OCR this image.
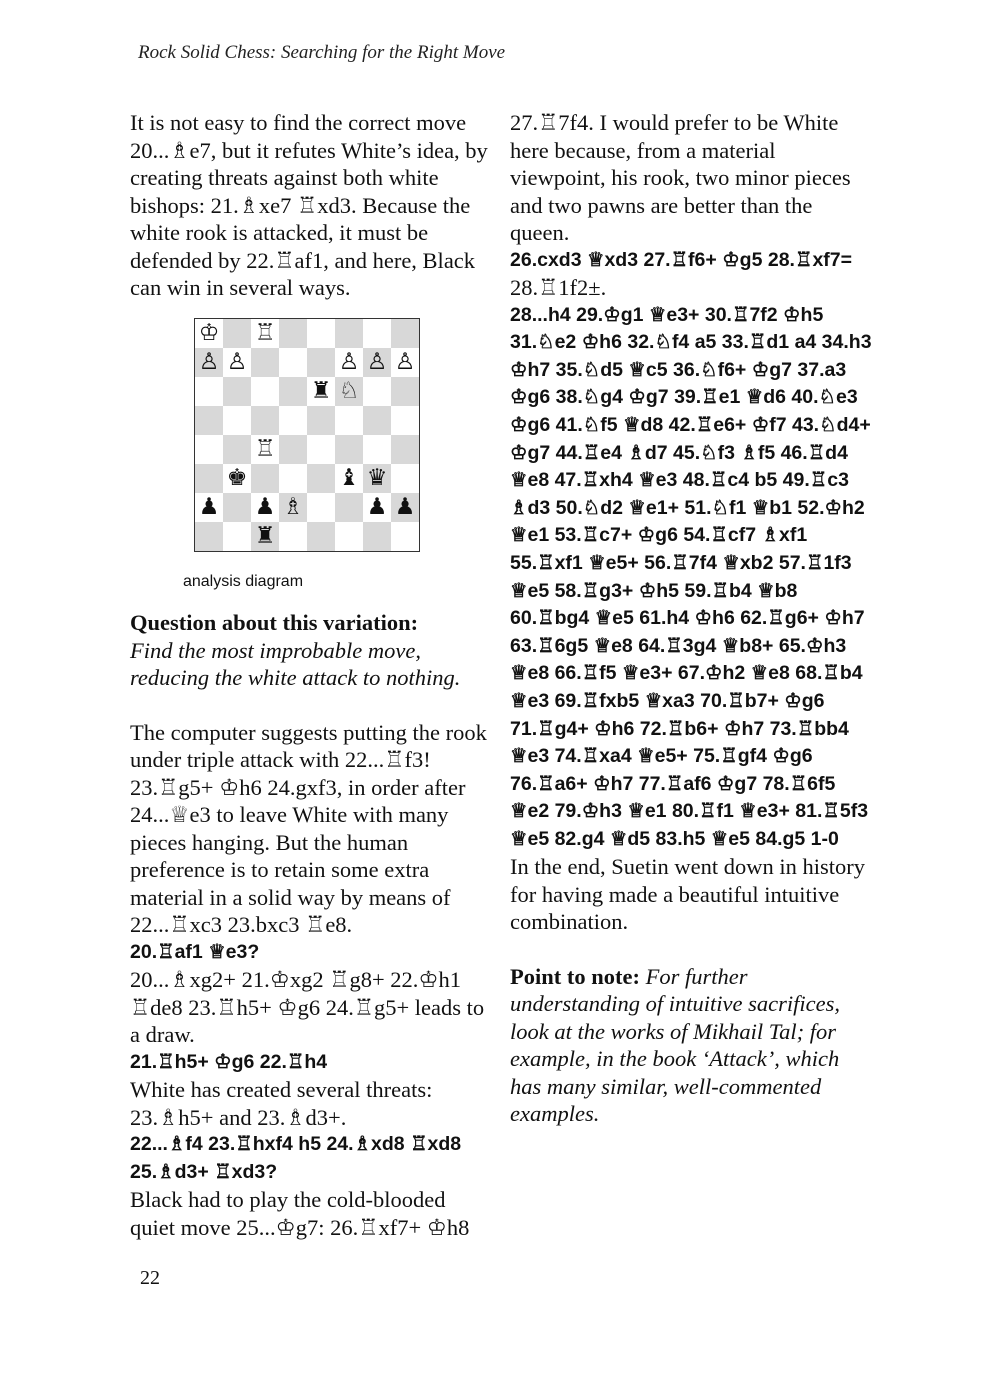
Rock Solid Chess: Searching for the Right Move

It is not easy to find the correct move 20...♗e7, but it refutes White’s idea, by creating threats against both white bishops: 21.♗xe7 ♖xd3. Because the white rook is attacked, it must be defended by 22.♖af1, and here, Black can win in several ways.

♔ ♖
♙ ♙	♙ ♙ ♙
♜ ♘
♖
♚	♝ ♛
♟ ♟ ♗	♟ ♟
♜
analysis diagram

Question about this variation:

Find the most improbable move, reducing the white attack to nothing.

The computer suggests putting the rook under triple attack with 22...♖f3! 23.♖g5+ ♔h6 24.gxf3, in order after 24...♕e3 to leave White with many pieces hanging. But the human preference is to retain some extra material in a solid way by means of 22...♖xc3 23.bxc3 ♖e8.

20.♖af1 ♕e3?

20...♗xg2+ 21.♔xg2 ♖g8+ 22.♔h1 ♖de8 23.♖h5+ ♔g6 24.♖g5+ leads to a draw.

21.♖h5+ ♔g6 22.♖h4

White has created several threats: 23.♗h5+ and 23.♗d3+.

22...♗f4 23.♖hxf4 h5 24.♗xd8 ♖xd8 25.♗d3+ ♖xd3?

Black had to play the cold-blooded quiet move 25...♔g7: 26.♖xf7+ ♔h8

27.♖7f4. I would prefer to be White here because, from a material viewpoint, his rook, two minor pieces and two pawns are better than the queen.

26.cxd3 ♕xd3 27.♖f6+ ♔g5 28.♖xf7=

28.♖1f2±.

28...h4 29.♔g1 ♕e3+ 30.♖7f2 ♔h5 31.♘e2 ♔h6 32.♘f4 a5 33.♖d1 a4 34.h3 ♔h7 35.♘d5 ♕c5 36.♘f6+ ♔g7 37.a3 ♔g6 38.♘g4 ♔g7 39.♖e1 ♕d6 40.♘e3 ♔g6 41.♘f5 ♕d8 42.♖e6+ ♔f7 43.♘d4+ ♔g7 44.♖e4 ♗d7 45.♘f3 ♗f5 46.♖d4 ♕e8 47.♖xh4 ♕e3 48.♖c4 b5 49.♖c3 ♗d3 50.♘d2 ♕e1+ 51.♘f1 ♕b1 52.♔h2 ♕e1 53.♖c7+ ♔g6 54.♖cf7 ♗xf1 55.♖xf1 ♕e5+ 56.♖7f4 ♕xb2 57.♖1f3 ♕e5 58.♖g3+ ♔h5 59.♖b4 ♕b8 60.♖bg4 ♕e5 61.h4 ♔h6 62.♖g6+ ♔h7 63.♖6g5 ♕e8 64.♖3g4 ♕b8+ 65.♔h3 ♕e8 66.♖f5 ♕e3+ 67.♔h2 ♕e8 68.♖b4 ♕e3 69.♖fxb5 ♕xa3 70.♖b7+ ♔g6 71.♖g4+ ♔h6 72.♖b6+ ♔h7 73.♖bb4 ♕e3 74.♖xa4 ♕e5+ 75.♖gf4 ♔g6 76.♖a6+ ♔h7 77.♖af6 ♔g7 78.♖6f5 ♕e2 79.♔h3 ♕e1 80.♖f1 ♕e3+ 81.♖5f3 ♕e5 82.g4 ♕d5 83.h5 ♕e5 84.g5 1-0

In the end, Suetin went down in history for having made a beautiful intuitive combination.

Point to note: For further understanding of intuitive sacrifices, look at the works of Mikhail Tal; for example, in the book ‘Attack’, which has many similar, well-commented examples.

22
